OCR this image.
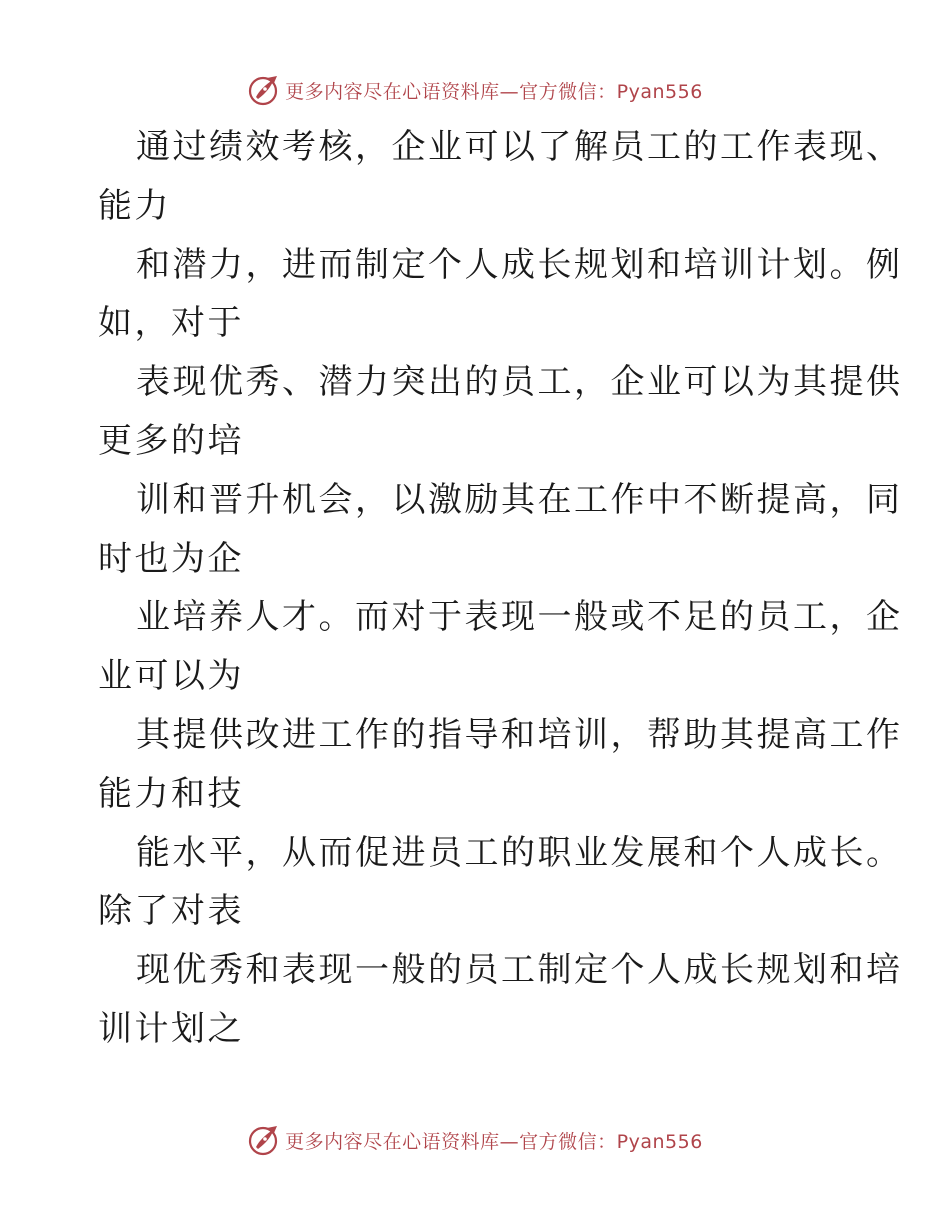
更多内容尽在心语资料库—官方微信：Pyan556
通过绩效考核，企业可以了解员工的工作表现、
能力
和潜力，进而制定个人成长规划和培训计划。例
如，对于
表现优秀、潜力突出的员工，企业可以为其提供
更多的培
训和晋升机会，以激励其在工作中不断提高，同
时也为企
业培养人才。而对于表现一般或不足的员工，企
业可以为
其提供改进工作的指导和培训，帮助其提高工作
能力和技
能水平，从而促进员工的职业发展和个人成长。
除了对表
现优秀和表现一般的员工制定个人成长规划和培
训计划之
更多内容尽在心语资料库—官方微信：Pyan556
